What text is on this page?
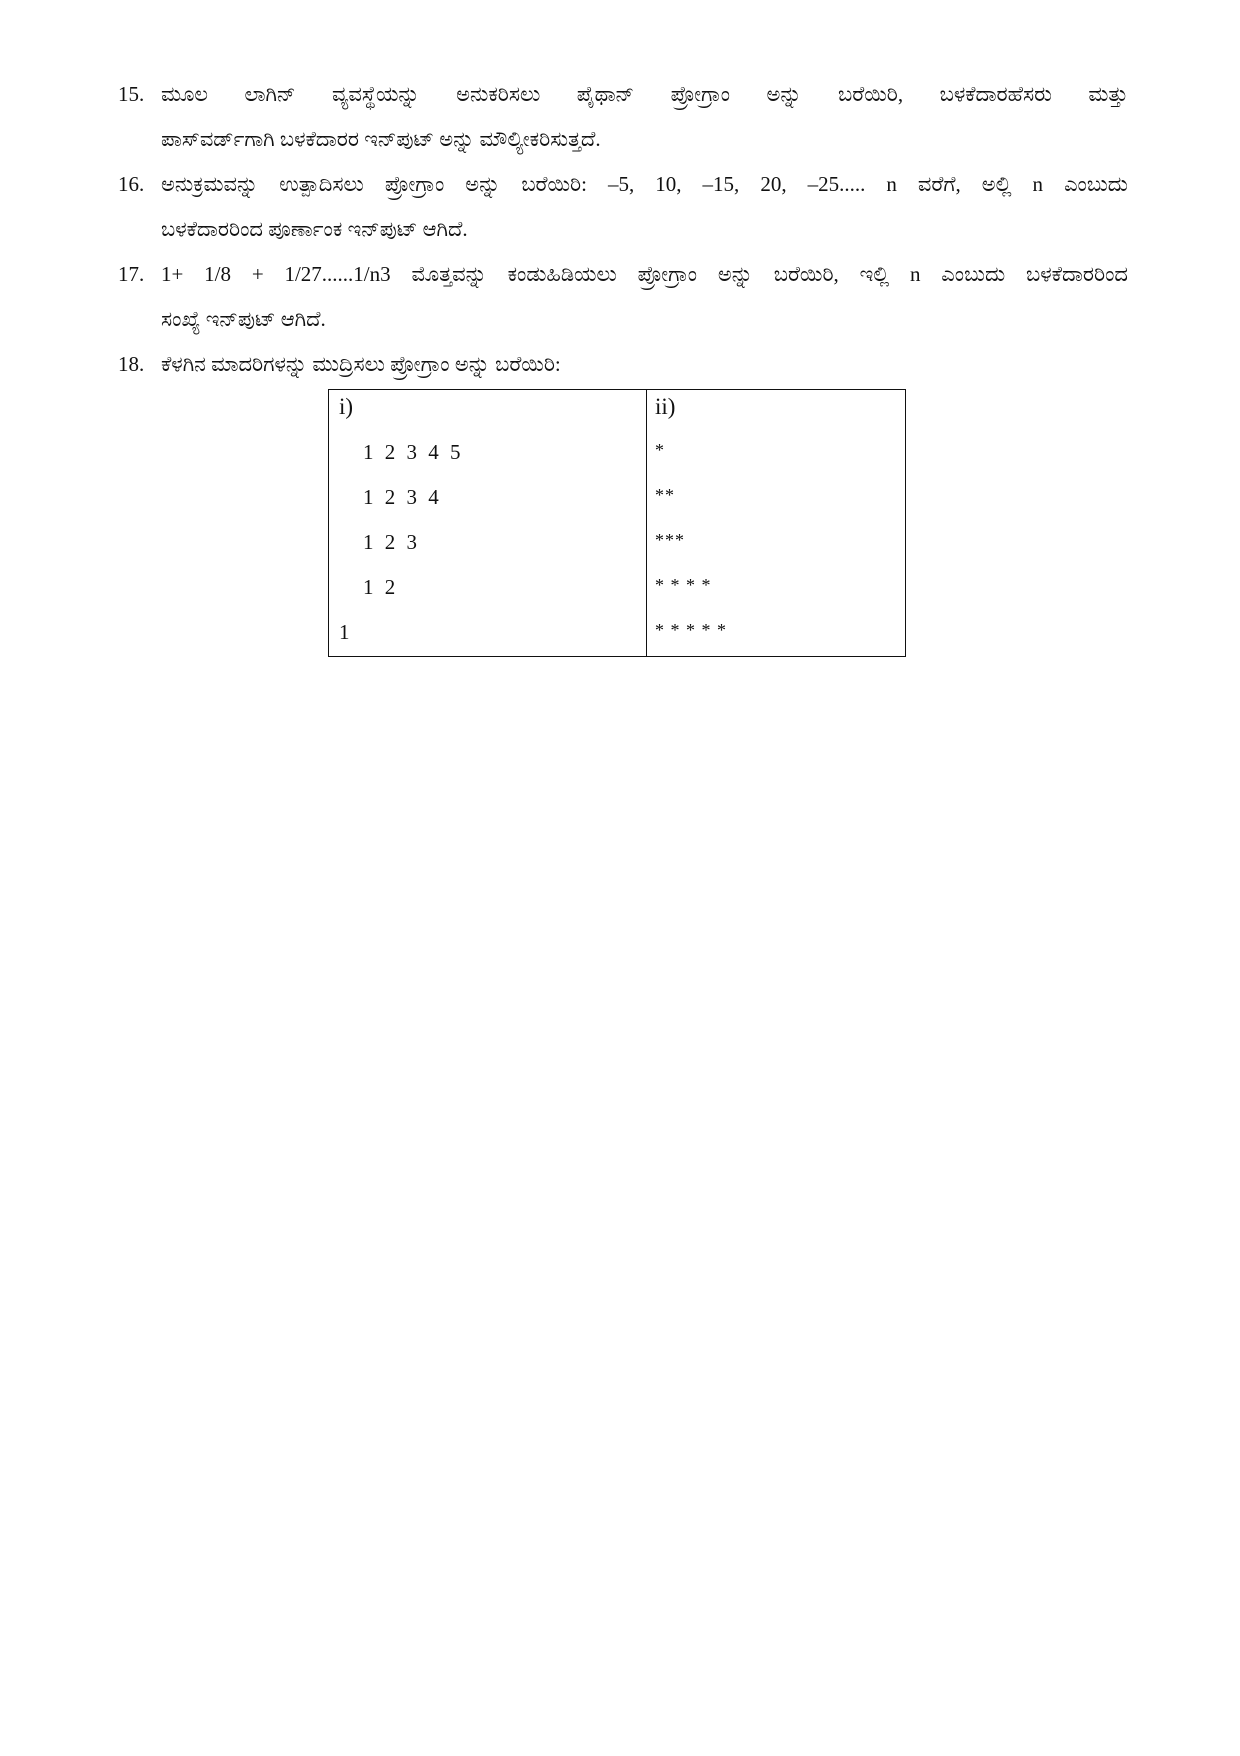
15. ಮೂಲ ಲಾಗಿನ್ ವ್ಯವಸ್ಥೆಯನ್ನು ಅನುಕರಿಸಲು ಪೈಥಾನ್ ಪ್ರೋಗ್ರಾಂ ಅನ್ನು ಬರೆಯಿರಿ, ಬಳಕೆದಾರಹೆಸರು ಮತ್ತು
ಪಾಸ್‌ವರ್ಡ್‌ಗಾಗಿ ಬಳಕೆದಾರರ ಇನ್‌ಪುಟ್ ಅನ್ನು ಮೌಲ್ಯೀಕರಿಸುತ್ತದೆ.
16. ಅನುಕ್ರಮವನ್ನು ಉತ್ಪಾದಿಸಲು ಪ್ರೋಗ್ರಾಂ ಅನ್ನು ಬರೆಯಿರಿ: –5, 10, –15, 20, –25..... n ವರೆಗೆ, ಅಲ್ಲಿ n ಎಂಬುದು
ಬಳಕೆದಾರರಿಂದ ಪೂರ್ಣಾಂಕ ಇನ್‌ಪುಟ್ ಆಗಿದೆ.
17. 1+ 1/8 + 1/27......1/n3 ಮೊತ್ತವನ್ನು ಕಂಡುಹಿಡಿಯಲು ಪ್ರೋಗ್ರಾಂ ಅನ್ನು ಬರೆಯಿರಿ, ಇಲ್ಲಿ n ಎಂಬುದು ಬಳಕೆದಾರರಿಂದ
ಸಂಖ್ಯೆ ಇನ್‌ಪುಟ್ ಆಗಿದೆ.
18. ಕೆಳಗಿನ ಮಾದರಿಗಳನ್ನು ಮುದ್ರಿಸಲು ಪ್ರೋಗ್ರಾಂ ಅನ್ನು ಬರೆಯಿರಿ:
i)
1 2 3 4 5
1 2 3 4
1 2 3
1 2
1
ii)
*
**
***
* * * *
* * * * *
